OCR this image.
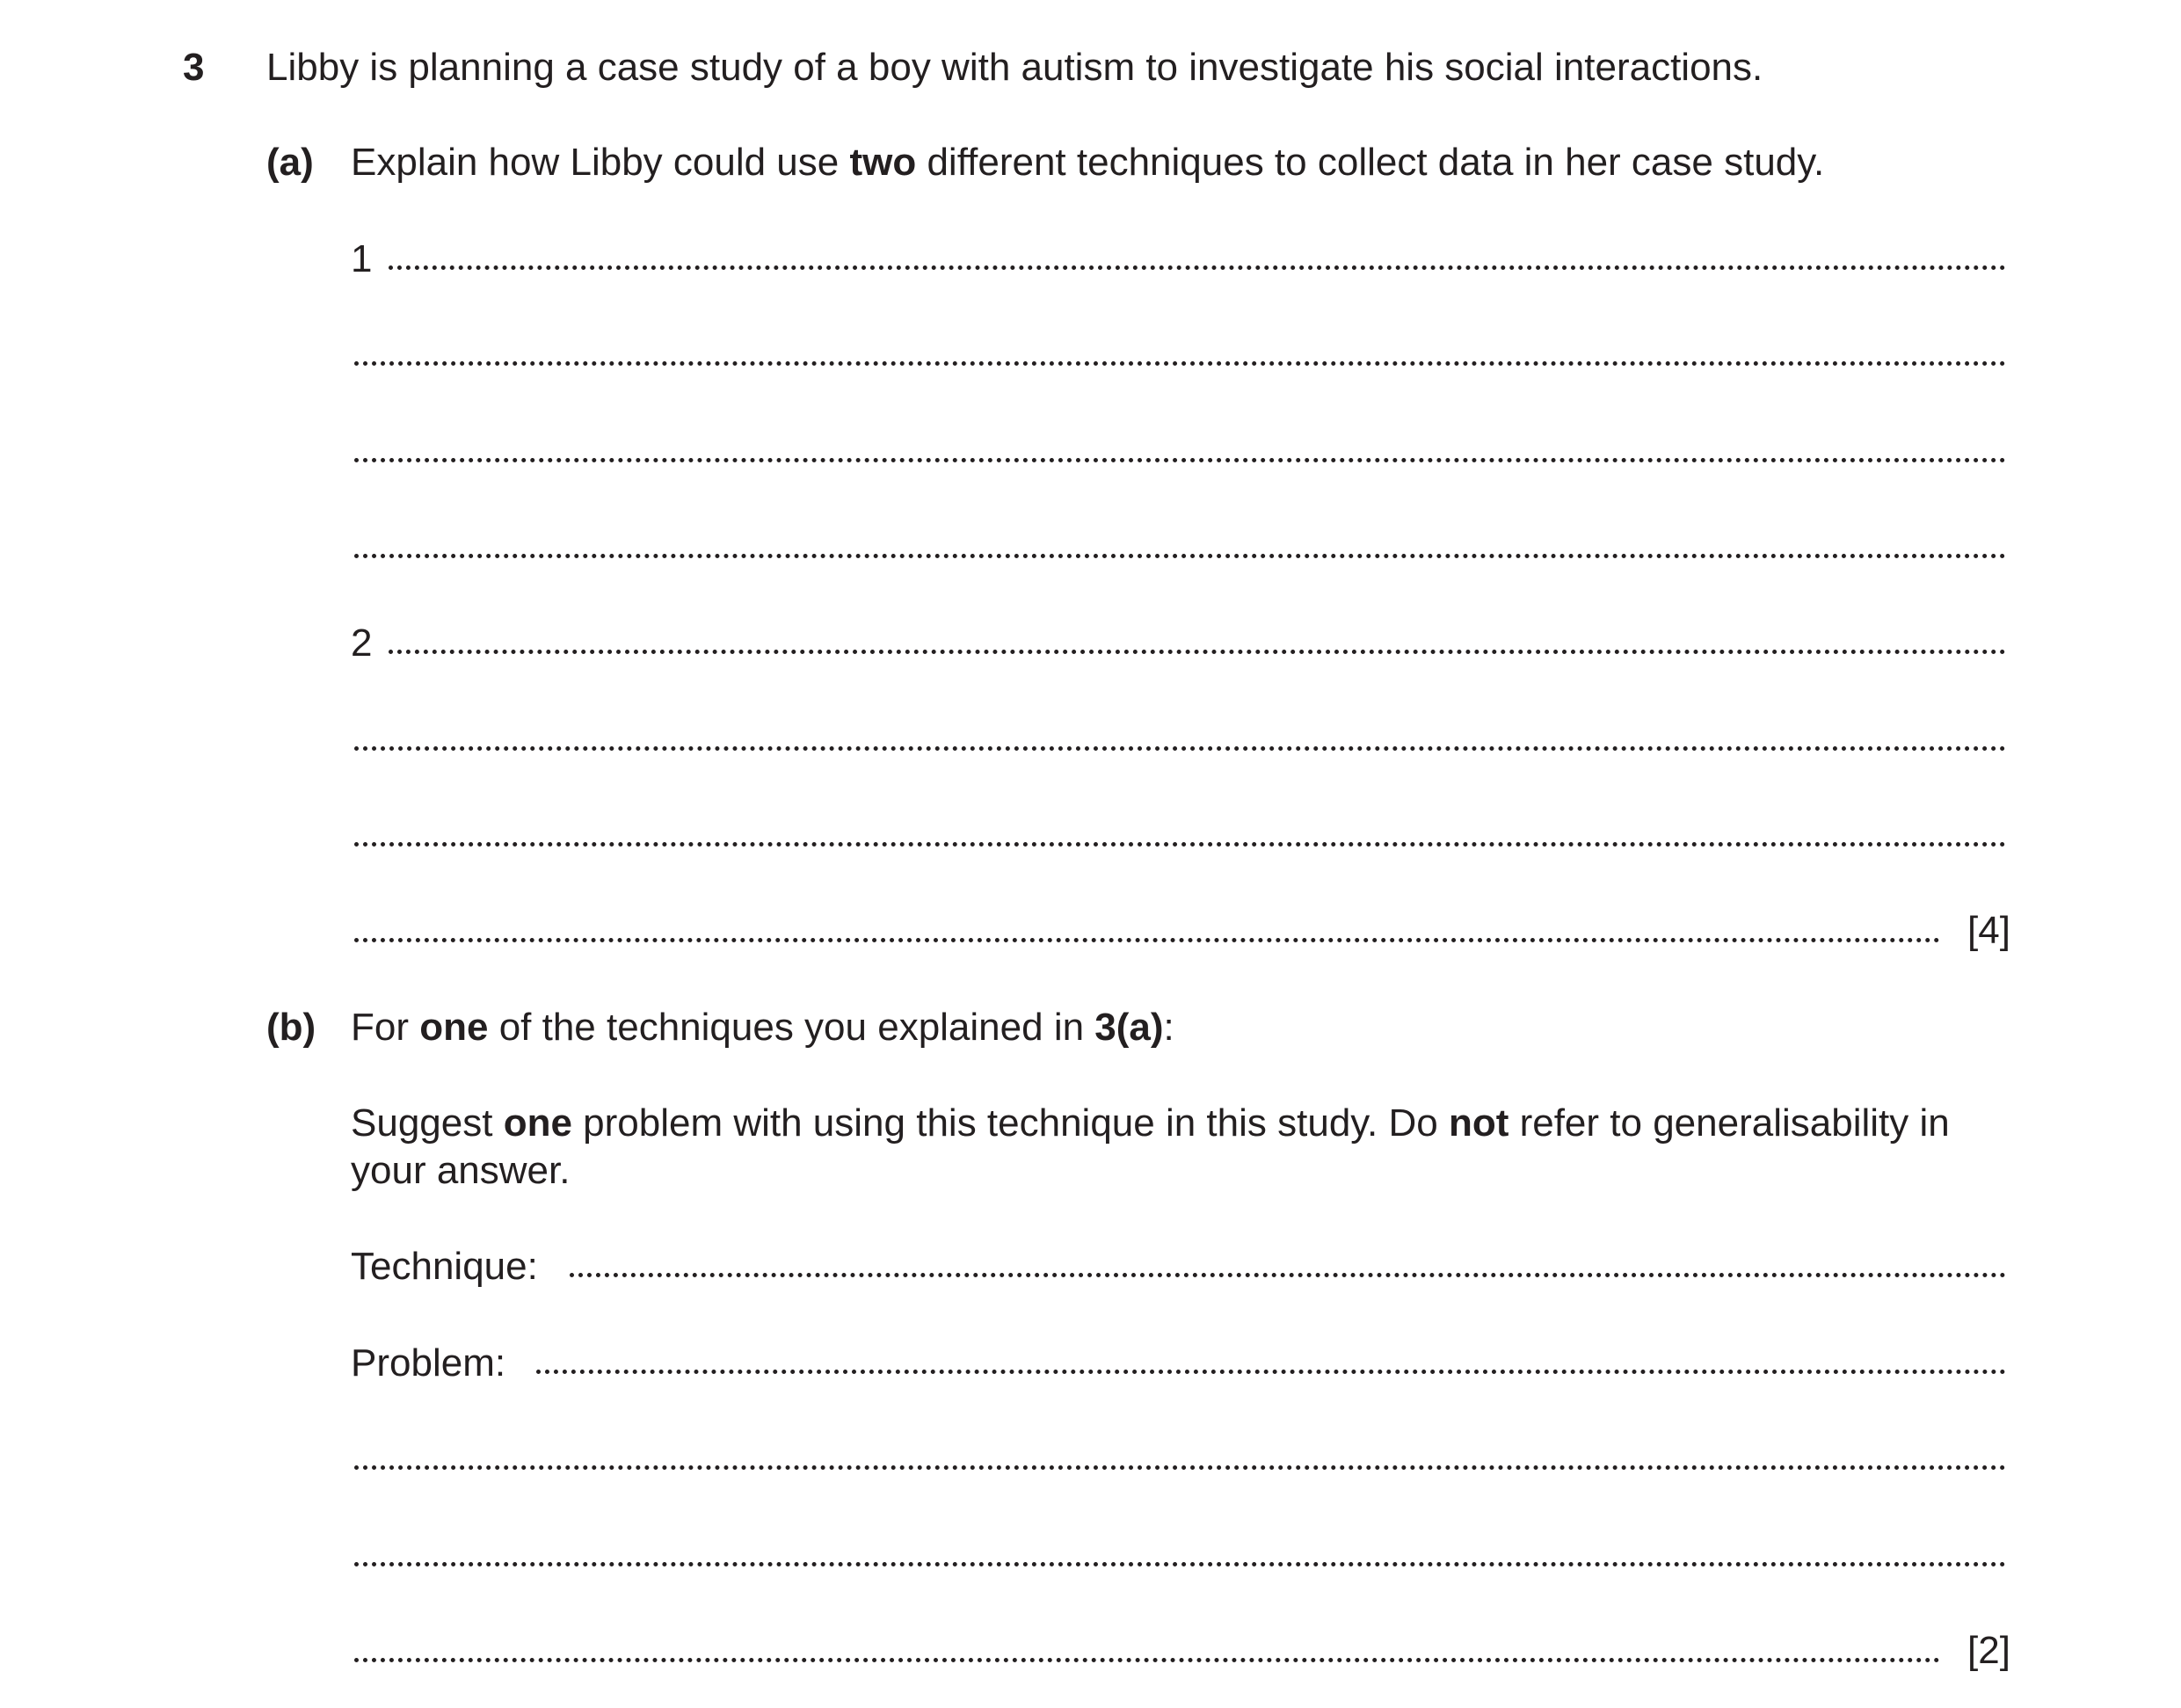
3 Libby is planning a case study of a boy with autism to investigate his social interactions.
(a) Explain how Libby could use two different techniques to collect data in her case study.
1
2
[4]
(b) For one of the techniques you explained in 3(a):
Suggest one problem with using this technique in this study. Do not refer to generalisability in
your answer.
Technique:
Problem:
[2]
